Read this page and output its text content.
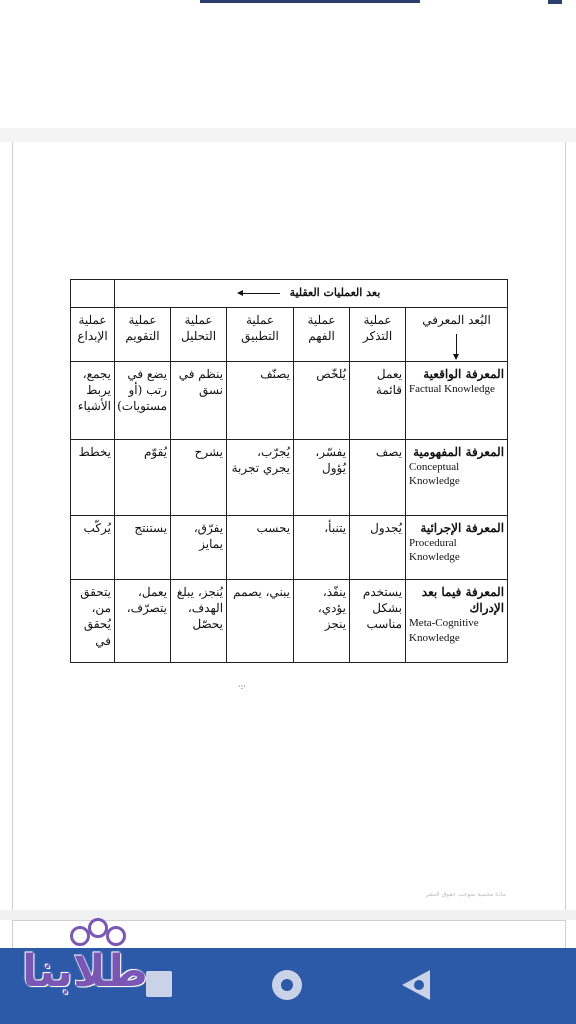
بعد العمليات العقلية						
البُعد المعرفي	عملية التذكر	عملية الفهم	عملية التطبيق	عملية التحليل	عملية التقويم	عملية الإبداع
المعرفة الواقعية
Factual Knowledge	يعمل قائمة	يُلخّص	يصنّف	ينظم في نسق	يضع في رتب (أو مستويات)	يجمع، يربط الأشياء
المعرفة المفهومية
Conceptual Knowledge	يصف	يفسّر، يُؤول	يُجرّب، يجري تجربة	يشرح	يُقوّم	يخطط
المعرفة الإجرائية
Procedural Knowledge	يُجدول	يتنبأ،	يحسب	يفرّق، يمايز	يستنتج	يُركّب
المعرفة فيما بعد الإدراك
Meta-Cognitive Knowledge	يستخدم بشكل مناسب	ينفّذ، يؤدي، ينجز	يبني، يصمم	يُنجز، يبلغ الهدف، يحصّل	يعمل، يتصرّف،	يتحقق من، يُحقق في
·:·
مادة محمية بموجب حقوق النشر
طلابنا
